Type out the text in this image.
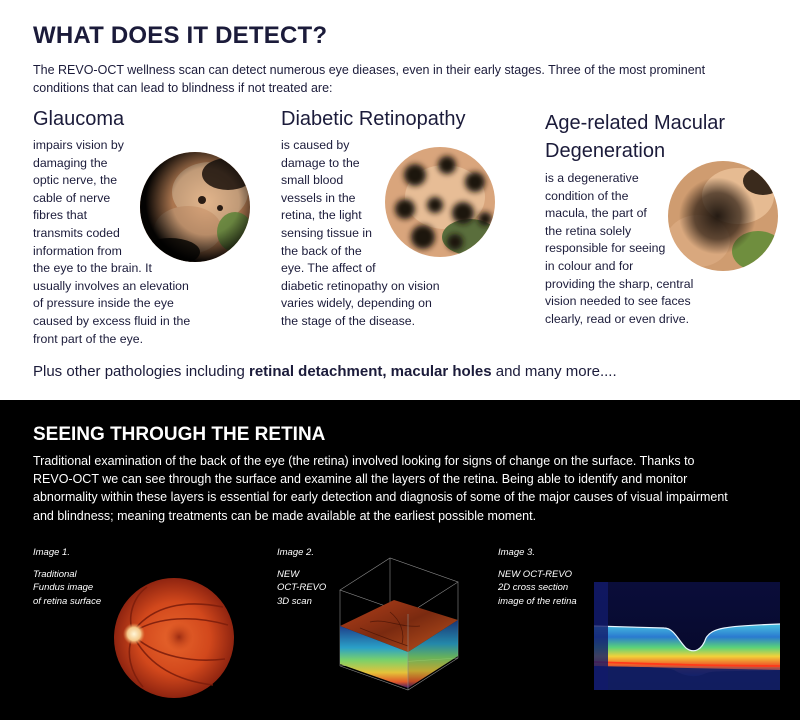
WHAT DOES IT DETECT?

The REVO-OCT wellness scan can detect numerous eye dieases, even in their early stages. Three of the most prominent
conditions that can lead to blindness if not treated are:

Glaucoma

impairs vision by
damaging the
optic nerve, the
cable of nerve
fibres that
transmits coded
information from
the eye to the brain. It
usually involves an elevation
of pressure inside the eye
caused by excess fluid in the
front part of the eye.

Diabetic Retinopathy

is caused by
damage to the
small blood
vessels in the
retina, the light
sensing tissue in
the back of the
eye. The affect of
diabetic retinopathy on vision
varies widely, depending on
the stage of the disease.

Age-related Macular
Degeneration

is a degenerative
condition of the
macula, the part of
the retina solely
responsible for seeing
in colour and for
providing the sharp, central
vision needed to see faces
clearly, read or even drive.

Plus other pathologies including retinal detachment, macular holes and many more....

SEEING THROUGH THE RETINA

Traditional examination of the back of the eye (the retina) involved looking for signs of change on the surface. Thanks to
REVO-OCT we can see through the surface and examine all the layers of the retina. Being able to identify and monitor
abnormality within these layers is essential for early detection and diagnosis of some of the major causes of visual impairment
and blindness; meaning treatments can be made available at the earliest possible moment.

Image 1.
Traditional
Fundus image
of retina surface

Image 2.
NEW
OCT-REVO
3D scan

Image 3.
NEW OCT-REVO
2D cross section
image of the retina
